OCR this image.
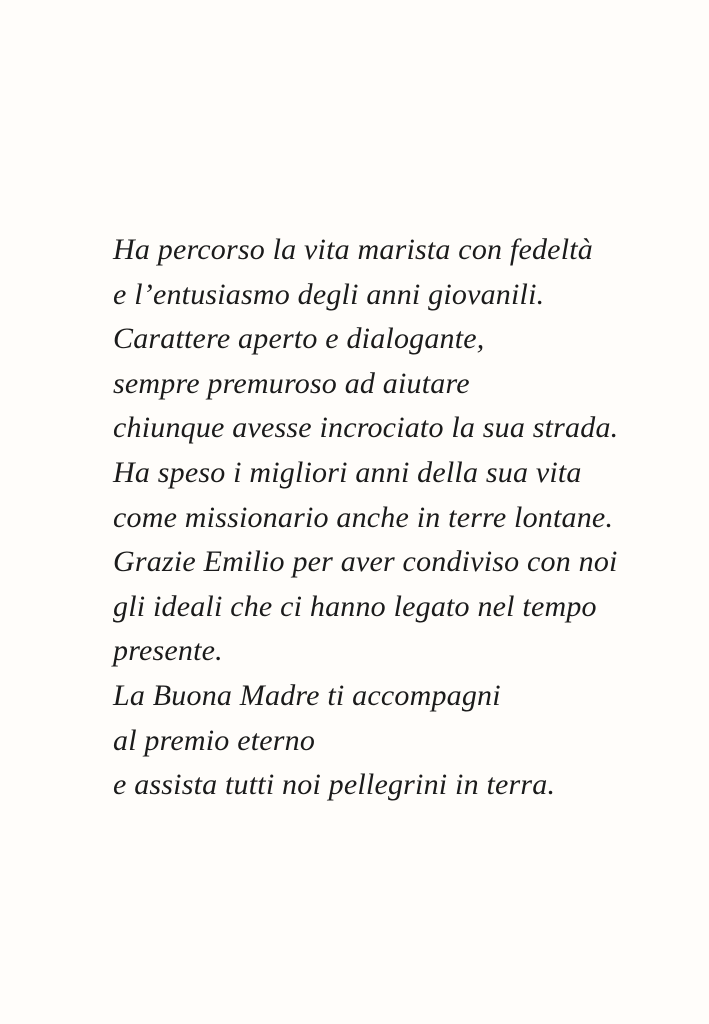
Ha percorso la vita marista con fedeltà
e l’entusiasmo degli anni giovanili.
Carattere aperto e dialogante,
sempre premuroso ad aiutare
chiunque avesse incrociato la sua strada.
Ha speso i migliori anni della sua vita
come missionario anche in terre lontane.
Grazie Emilio per aver condiviso con noi
gli ideali che ci hanno legato nel tempo
presente.
La Buona Madre ti accompagni
al premio eterno
e assista tutti noi pellegrini in terra.
